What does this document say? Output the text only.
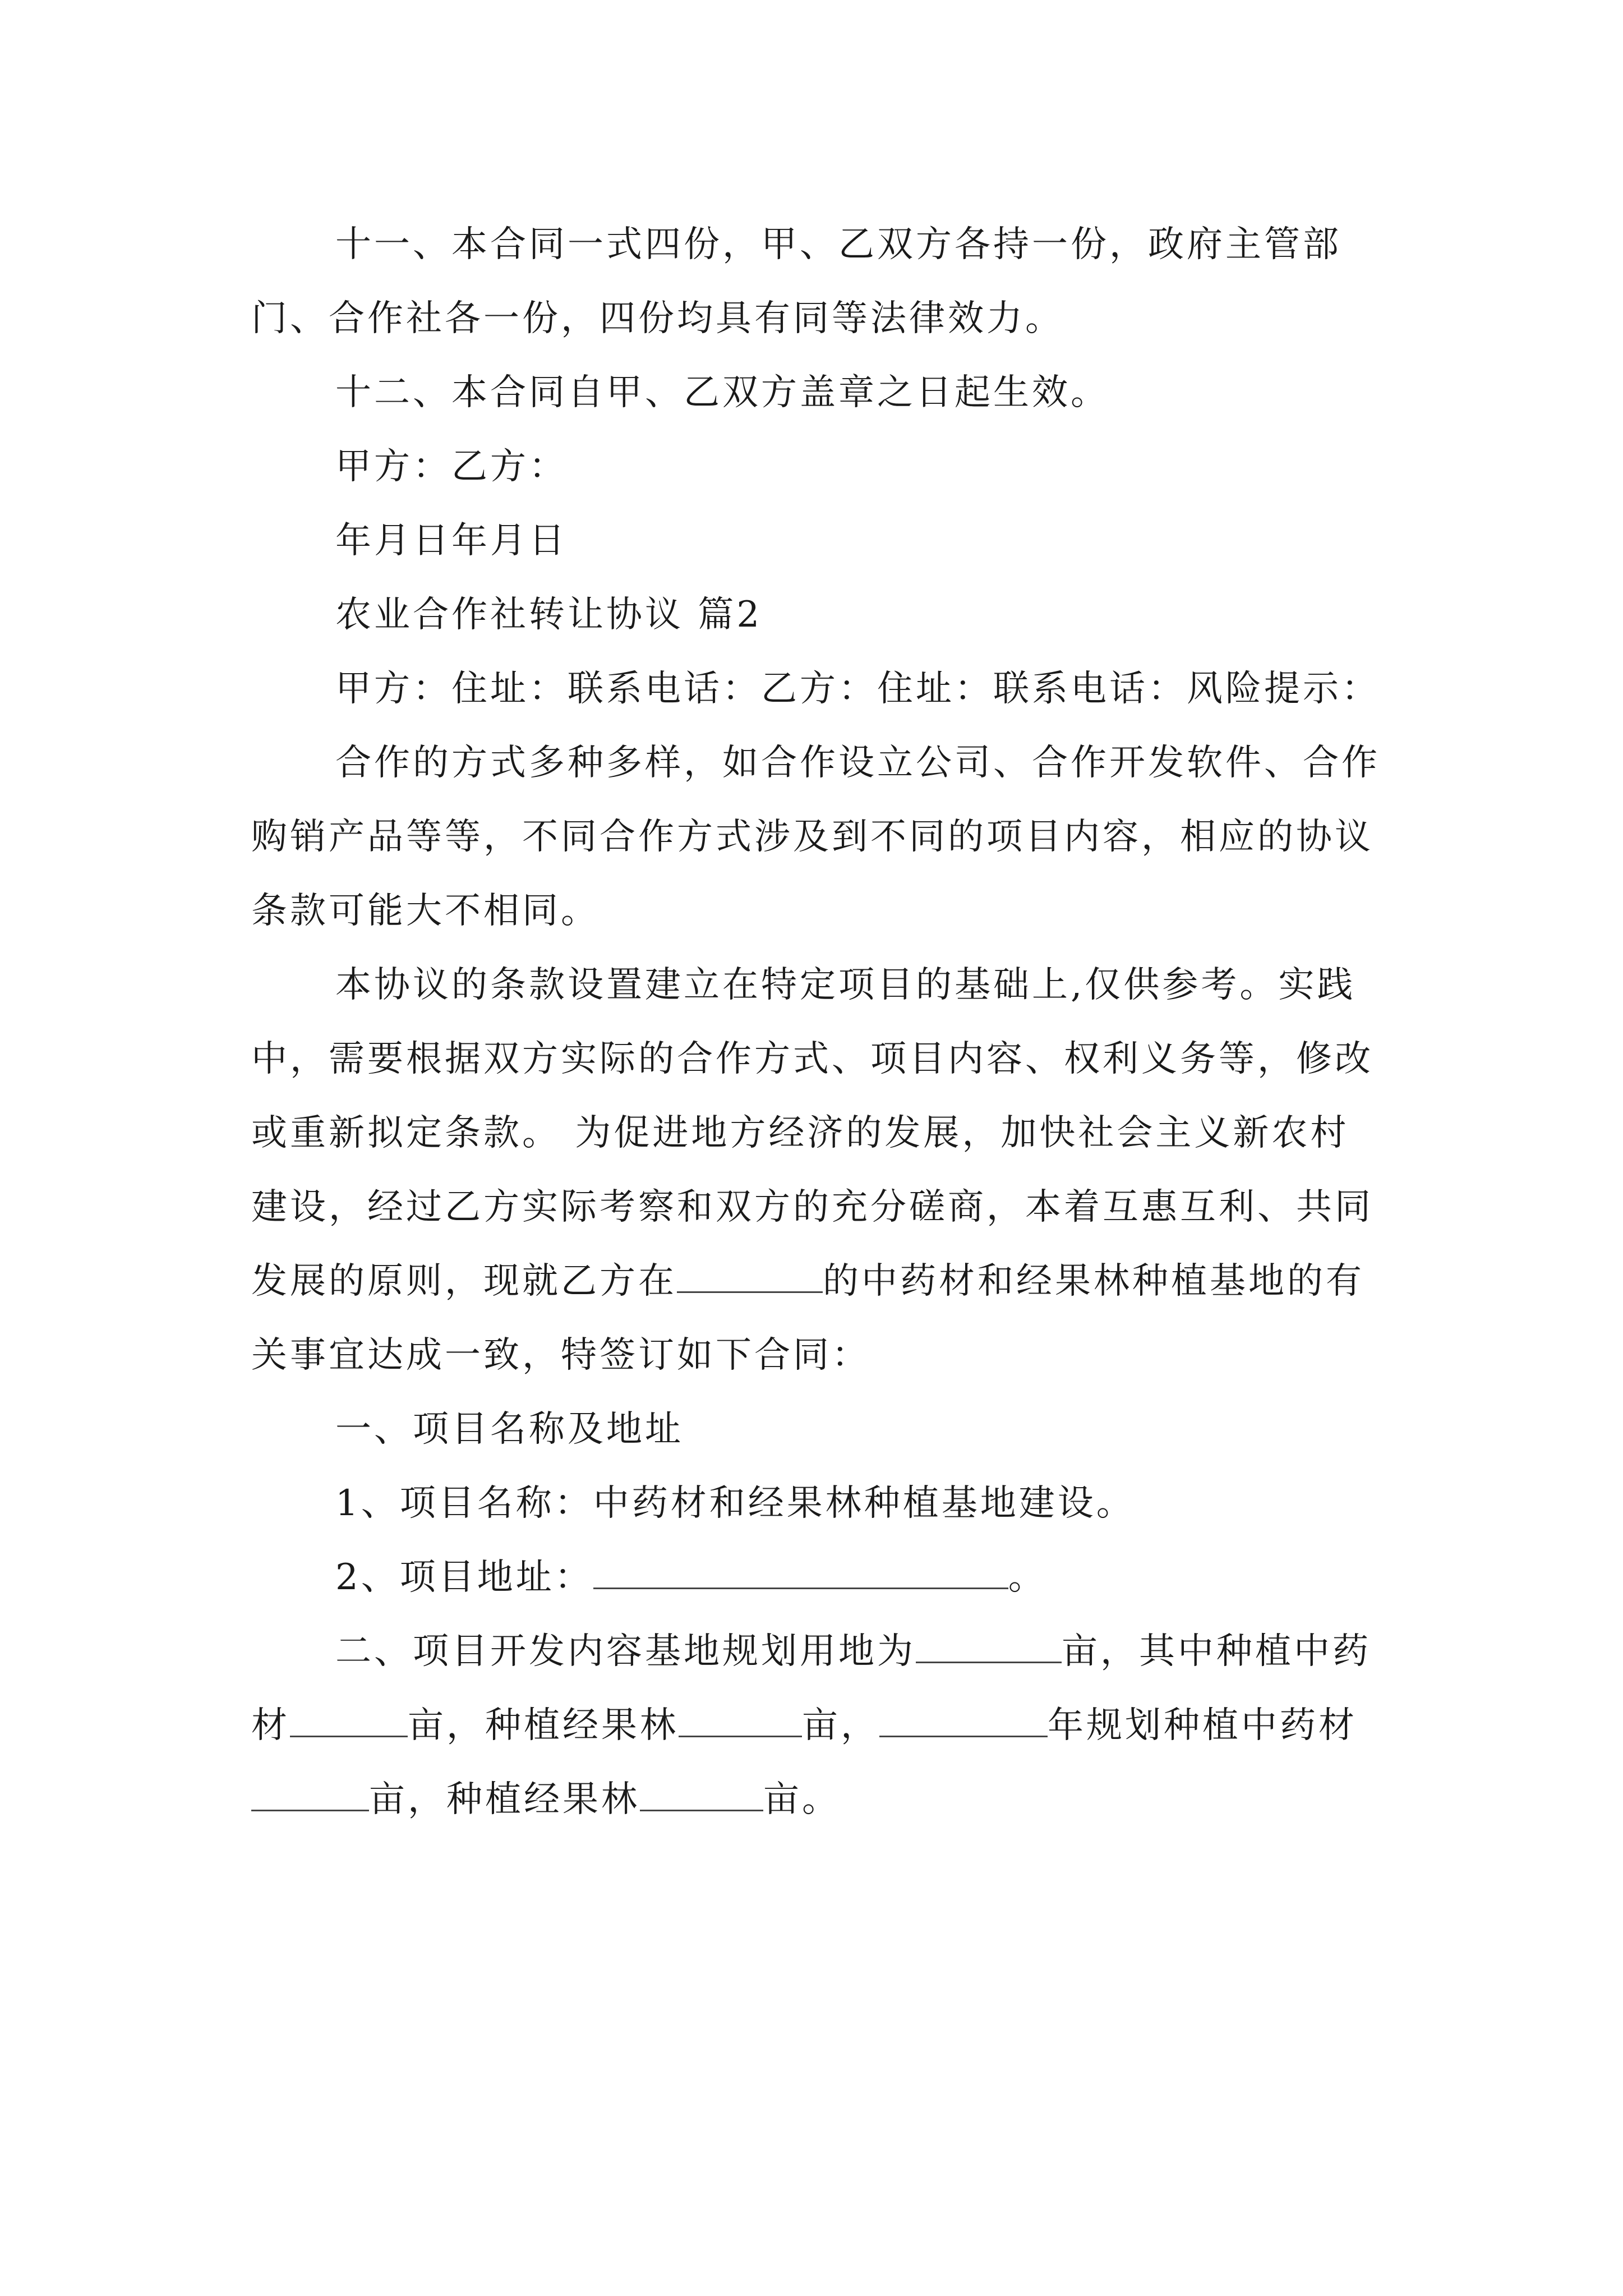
十一、本合同一式四份，甲、乙双方各持一份，政府主管部门、合作社各一份，四份均具有同等法律效力。

十二、本合同自甲、乙双方盖章之日起生效。

甲方：乙方：

年月日年月日

农业合作社转让协议 篇2

甲方：住址：联系电话：乙方：住址：联系电话：风险提示：

合作的方式多种多样，如合作设立公司、合作开发软件、合作购销产品等等，不同合作方式涉及到不同的项目内容，相应的协议条款可能大不相同。

本协议的条款设置建立在特定项目的基础上,仅供参考。实践中，需要根据双方实际的合作方式、项目内容、权利义务等，修改或重新拟定条款。 为促进地方经济的发展，加快社会主义新农村建设，经过乙方实际考察和双方的充分磋商，本着互惠互利、共同发展的原则，现就乙方在	的中药材和经果林种植基地的有关事宜达成一致，特签订如下合同：

一、项目名称及地址

1、项目名称：中药材和经果林种植基地建设。

2、项目地址：	。

二、项目开发内容基地规划用地为	亩，其中种植中药材	亩，种植经果林	亩，	年规划种植中药材亩，种植经果林	亩。
